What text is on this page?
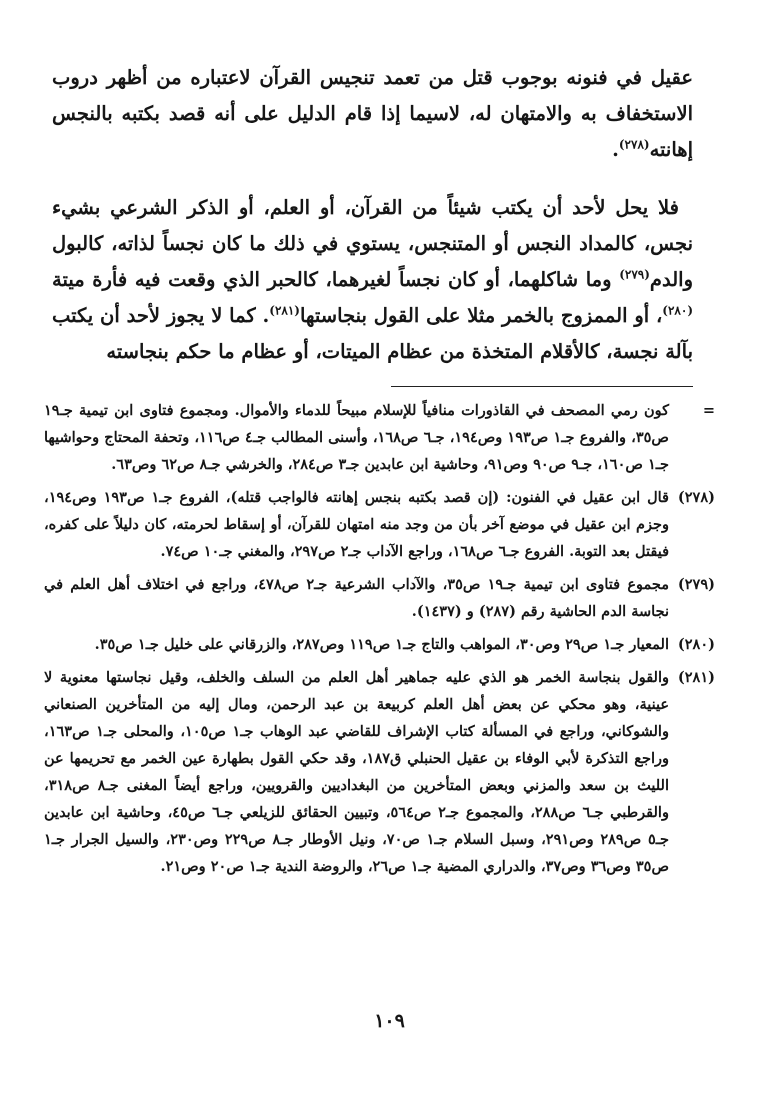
عقيل في فنونه بوجوب قتل من تعمد تنجيس القرآن لاعتباره من أظهر دروب الاستخفاف به والامتهان له، لاسيما إذا قام الدليل على أنه قصد بكتبه بالنجس إهانته$^{(٢٧٨)}$.

فلا يحل لأحد أن يكتب شيئاً من القرآن، أو العلم، أو الذكر الشرعي بشيء نجس، كالمداد النجس أو المتنجس، يستوي في ذلك ما كان نجساً لذاته، كالبول والدم$^{(٢٧٩)}$ وما شاكلهما، أو كان نجساً لغيرهما، كالحبر الذي وقعت فيه فأرة ميتة $^{(٢٨٠)}$، أو الممزوج بالخمر مثلا على القول بنجاستها$^{(٢٨١)}$. كما لا يجوز لأحد أن يكتب بآلة نجسة، كالأقلام المتخذة من عظام الميتات، أو عظام ما حكم بنجاسته

=
كون رمي المصحف في القاذورات منافياً للإسلام مبيحاً للدماء والأموال. ومجموع فتاوى ابن تيمية جـ١٩ ص٣٥، والفروع جـ١ ص١٩٣ وص١٩٤، جـ٦ ص١٦٨، وأسنى المطالب جـ٤ ص١١٦، وتحفة المحتاج وحواشيها جـ١ ص١٦٠، جـ٩ ص٩٠ وص٩١، وحاشية ابن عابدين جـ٣ ص٢٨٤، والخرشي جـ٨ ص٦٢ وص٦٣.
(٢٧٨)
قال ابن عقيل في الفنون: (إن قصد بكتبه بنجس إهانته فالواجب قتله)، الفروع جـ١ ص١٩٣ وص١٩٤، وجزم ابن عقيل في موضع آخر بأن من وجد منه امتهان للقرآن، أو إسقاط لحرمته، كان دليلاً على كفره، فيقتل بعد التوبة. الفروع جـ٦ ص١٦٨، وراجع الآداب جـ٢ ص٢٩٧، والمغني جـ١٠ ص٧٤.
(٢٧٩)
مجموع فتاوى ابن تيمية جـ١٩ ص٣٥، والآداب الشرعية جـ٢ ص٤٧٨، وراجع في اختلاف أهل العلم في نجاسة الدم الحاشية رقم (٢٨٧) و (١٤٣٧).
(٢٨٠)
المعيار جـ١ ص٢٩ وص٣٠، المواهب والتاج جـ١ ص١١٩ وص٢٨٧، والزرقاني على خليل جـ١ ص٣٥.
(٢٨١)
والقول بنجاسة الخمر هو الذي عليه جماهير أهل العلم من السلف والخلف، وقيل نجاستها معنوية لا عينية، وهو محكي عن بعض أهل العلم كربيعة بن عبد الرحمن، ومال إليه من المتأخرين الصنعاني والشوكاني، وراجع في المسألة كتاب الإشراف للقاضي عبد الوهاب جـ١ ص١٠٥، والمحلى جـ١ ص١٦٣، وراجع التذكرة لأبي الوفاء بن عقيل الحنبلي ق١٨٧، وقد حكي القول بطهارة عين الخمر مع تحريمها عن الليث بن سعد والمزني وبعض المتأخرين من البغداديين والقرويين، وراجع أيضاً المغنى جـ٨ ص٣١٨، والقرطبي جـ٦ ص٢٨٨، والمجموع جـ٢ ص٥٦٤، وتبيين الحقائق للزيلعي جـ٦ ص٤٥، وحاشية ابن عابدين جـ٥ ص٢٨٩ وص٢٩١، وسبل السلام جـ١ ص٧٠، ونيل الأوطار جـ٨ ص٢٢٩ وص٢٣٠، والسيل الجرار جـ١ ص٣٥ وص٣٦ وص٣٧، والدراري المضية جـ١ ص٢٦، والروضة الندية جـ١ ص٢٠ وص٢١.
١٠٩
